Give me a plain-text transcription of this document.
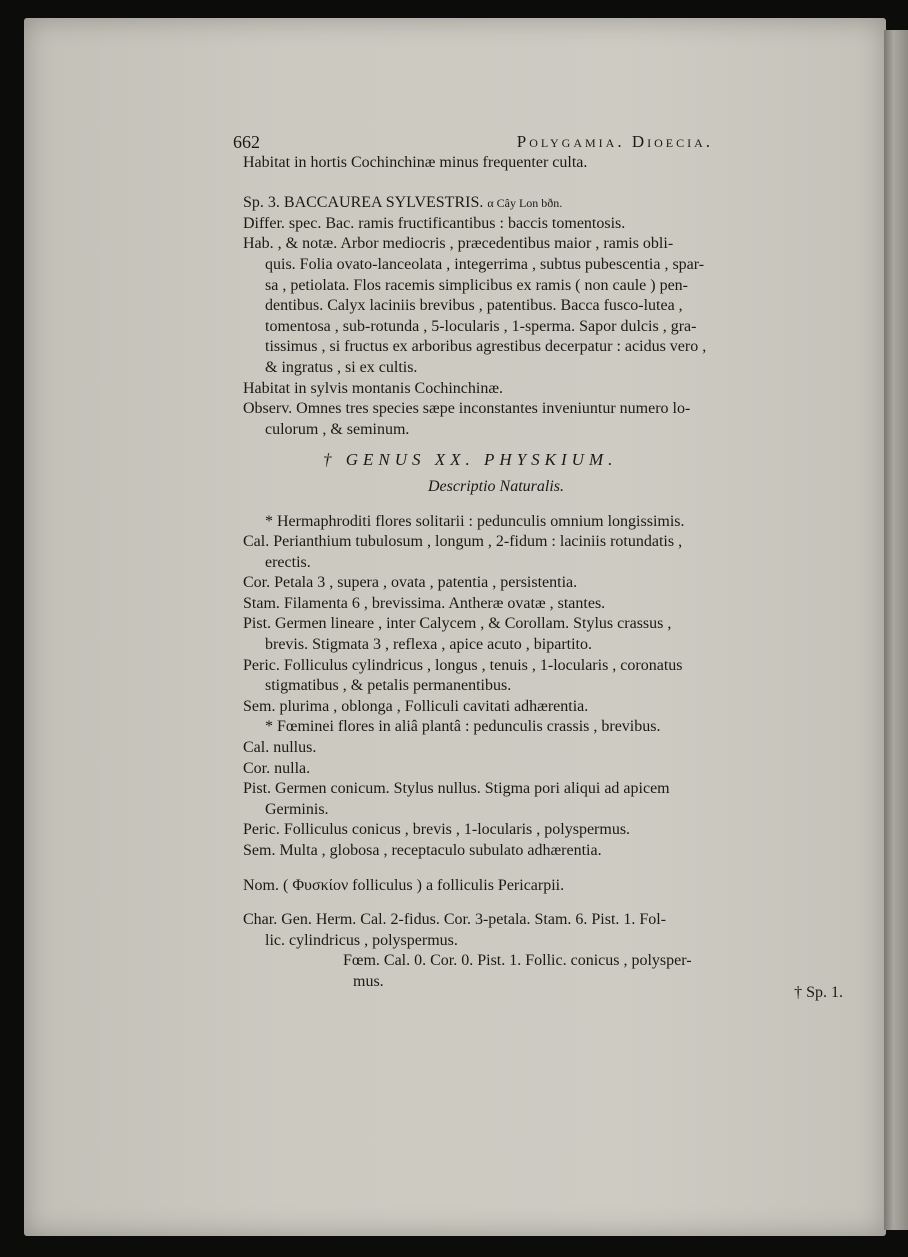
662	Polygamia. Dioecia.
Habitat in hortis Cochinchinæ minus frequenter culta.
Sp. 3. BACCAUREA SYLVESTRIS. α Cây Lon bðn.
Differ. spec. Bac. ramis fructificantibus : baccis tomentosis.
Hab. , & notæ. Arbor mediocris , præcedentibus maior , ramis obli-
quis. Folia ovato-lanceolata , integerrima , subtus pubescentia , spar-
sa , petiolata. Flos racemis simplicibus ex ramis ( non caule ) pen-
dentibus. Calyx laciniis brevibus , patentibus. Bacca fusco-lutea ,
tomentosa , sub-rotunda , 5-locularis , 1-sperma. Sapor dulcis , gra-
tissimus , si fructus ex arboribus agrestibus decerpatur : acidus vero ,
& ingratus , si ex cultis.
Habitat in sylvis montanis Cochinchinæ.
Observ. Omnes tres species sæpe inconstantes inveniuntur numero lo-
culorum , & seminum.
† GENUS XX. PHYSKIUM.
Descriptio Naturalis.
* Hermaphroditi flores solitarii : pedunculis omnium longissimis.
Cal. Perianthium tubulosum , longum , 2-fidum : laciniis rotundatis ,
erectis.
Cor. Petala 3 , supera , ovata , patentia , persistentia.
Stam. Filamenta 6 , brevissima. Antheræ ovatæ , stantes.
Pist. Germen lineare , inter Calycem , & Corollam. Stylus crassus ,
brevis. Stigmata 3 , reflexa , apice acuto , bipartito.
Peric. Folliculus cylindricus , longus , tenuis , 1-locularis , coronatus
stigmatibus , & petalis permanentibus.
Sem. plurima , oblonga , Folliculi cavitati adhærentia.
* Fœminei flores in aliâ plantâ : pedunculis crassis , brevibus.
Cal. nullus.
Cor. nulla.
Pist. Germen conicum. Stylus nullus. Stigma pori aliqui ad apicem
Germinis.
Peric. Folliculus conicus , brevis , 1-locularis , polyspermus.
Sem. Multa , globosa , receptaculo subulato adhærentia.
Nom. ( Φυσκίον folliculus ) a folliculis Pericarpii.
Char. Gen. Herm. Cal. 2-fidus. Cor. 3-petala. Stam. 6. Pist. 1. Fol-
lic. cylindricus , polyspermus.
Fœm. Cal. 0. Cor. 0. Pist. 1. Follic. conicus , polysper-
mus.
† Sp. 1.
